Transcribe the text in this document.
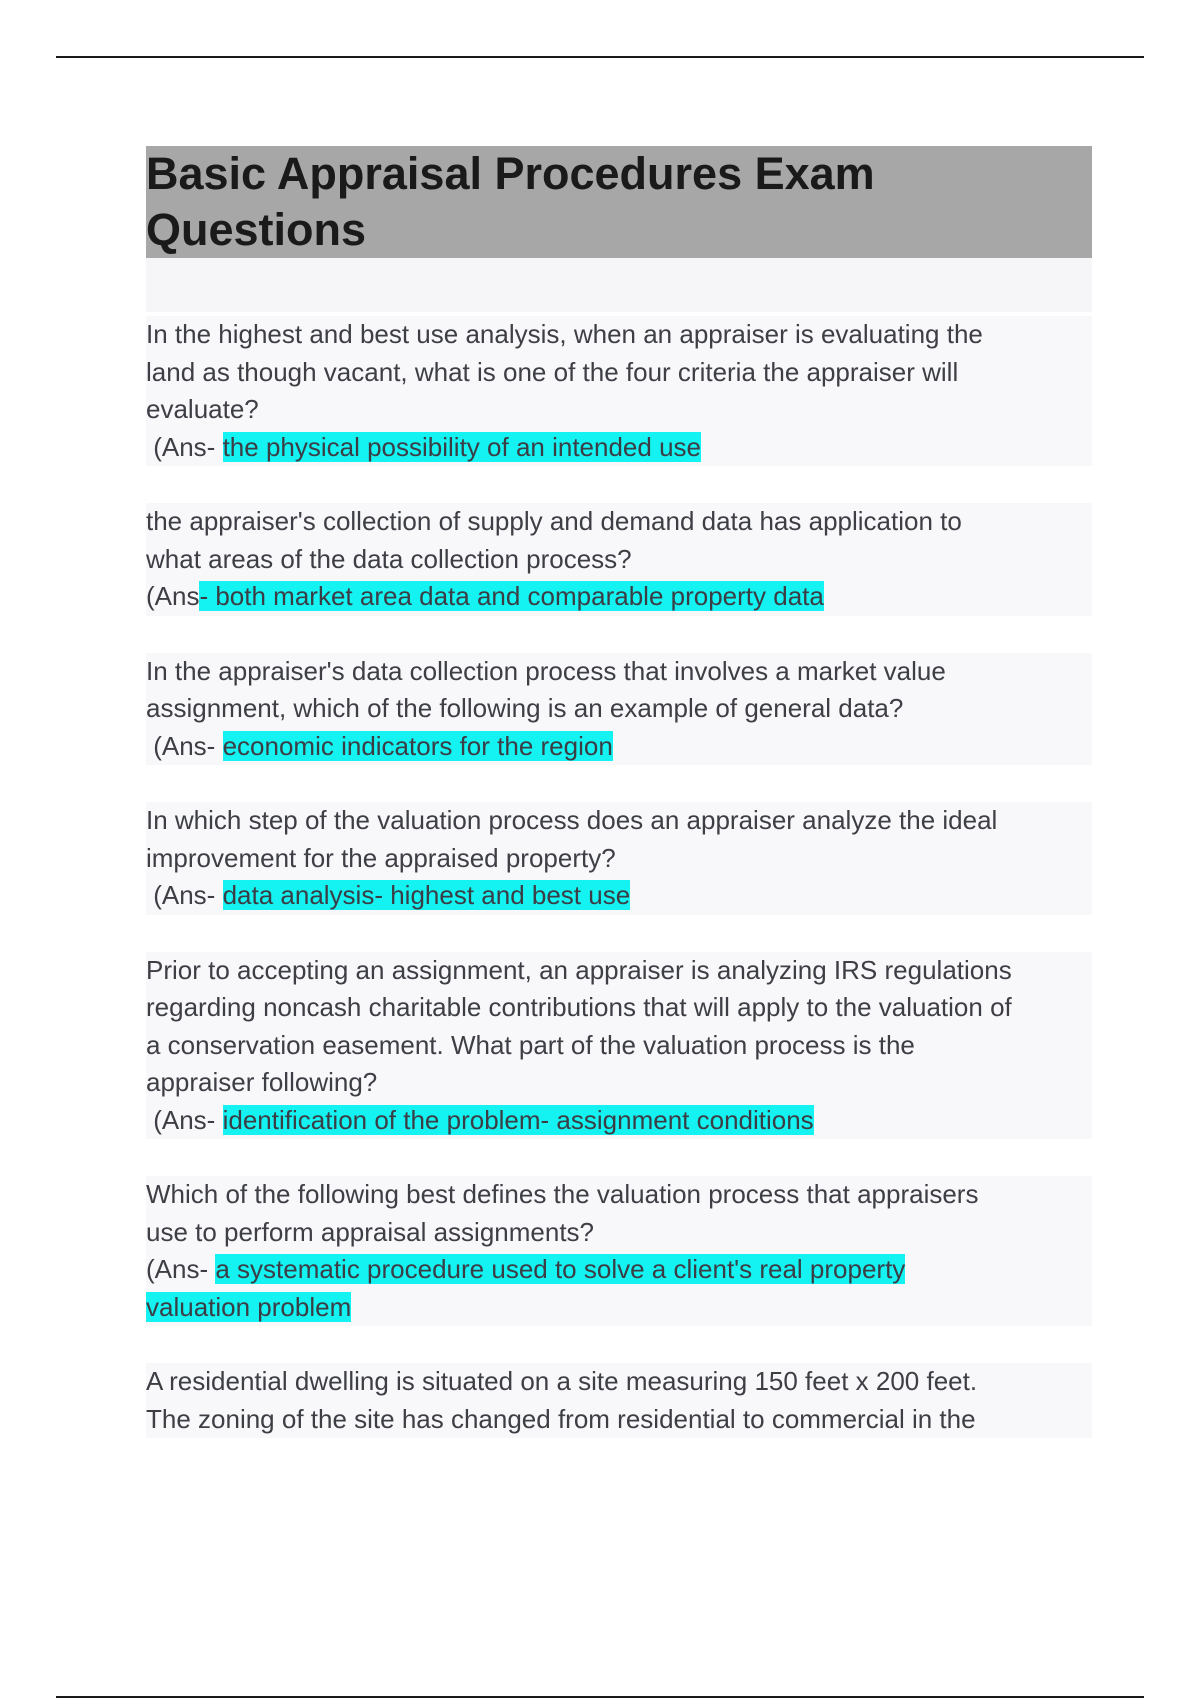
Basic Appraisal Procedures Exam
Questions
In the highest and best use analysis, when an appraiser is evaluating the
land as though vacant, what is one of the four criteria the appraiser will
evaluate?
(Ans- the physical possibility of an intended use
the appraiser's collection of supply and demand data has application to
what areas of the data collection process?
(Ans- both market area data and comparable property data
In the appraiser's data collection process that involves a market value
assignment, which of the following is an example of general data?
(Ans- economic indicators for the region
In which step of the valuation process does an appraiser analyze the ideal
improvement for the appraised property?
(Ans- data analysis- highest and best use
Prior to accepting an assignment, an appraiser is analyzing IRS regulations
regarding noncash charitable contributions that will apply to the valuation of
a conservation easement. What part of the valuation process is the
appraiser following?
(Ans- identification of the problem- assignment conditions
Which of the following best defines the valuation process that appraisers
use to perform appraisal assignments?
(Ans- a systematic procedure used to solve a client's real property
valuation problem
A residential dwelling is situated on a site measuring 150 feet x 200 feet.
The zoning of the site has changed from residential to commercial in the
